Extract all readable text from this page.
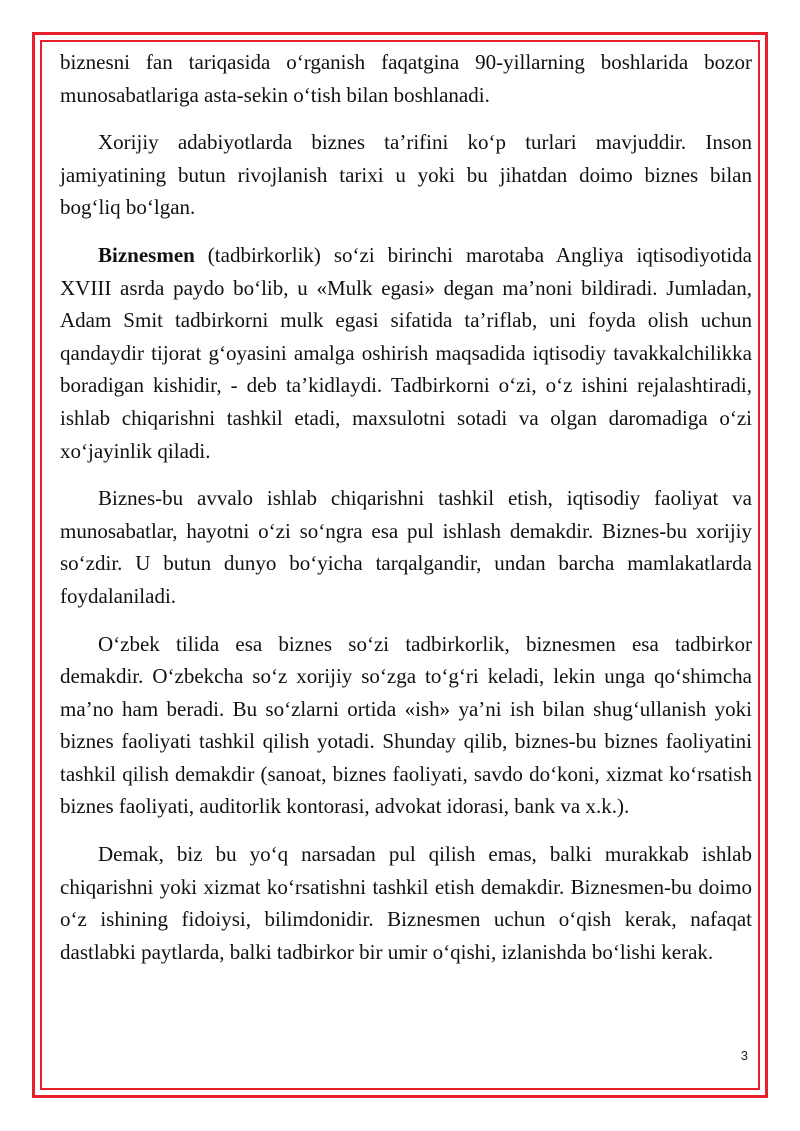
biznesni fan tariqasida o‘rganish faqatgina 90-yillarning boshlarida bozor munosabatlariga asta-sekin o‘tish bilan boshlanadi.

Xorijiy adabiyotlarda biznes ta’rifini ko‘p turlari mavjuddir. Inson jamiyatining butun rivojlanish tarixi u yoki bu jihatdan doimo biznes bilan bog‘liq bo‘lgan.

Biznesmen (tadbirkorlik) so‘zi birinchi marotaba Angliya iqtisodiyotida XVIII asrda paydo bo‘lib, u «Mulk egasi» degan ma’noni bildiradi. Jumladan, Adam Smit tadbirkorni mulk egasi sifatida ta’riflab, uni foyda olish uchun qandaydir tijorat g‘oyasini amalga oshirish maqsadida iqtisodiy tavakkalchilikka boradigan kishidir, - deb ta’kidlaydi. Tadbirkorni o‘zi, o‘z ishini rejalashtiradi, ishlab chiqarishni tashkil etadi, maxsulotni sotadi va olgan daromadiga o‘zi xo‘jayinlik qiladi.

Biznes-bu avvalo ishlab chiqarishni tashkil etish, iqtisodiy faoliyat va munosabatlar, hayotni o‘zi so‘ngra esa pul ishlash demakdir. Biznes-bu xorijiy so‘zdir. U butun dunyo bo‘yicha tarqalgandir, undan barcha mamlakatlarda foydalaniladi.

O‘zbek tilida esa biznes so‘zi tadbirkorlik, biznesmen esa tadbirkor demakdir. O‘zbekcha so‘z xorijiy so‘zga to‘g‘ri keladi, lekin unga qo‘shimcha ma’no ham beradi. Bu so‘zlarni ortida «ish» ya’ni ish bilan shug‘ullanish yoki biznes faoliyati tashkil qilish yotadi. Shunday qilib, biznes-bu biznes faoliyatini tashkil qilish demakdir (sanoat, biznes faoliyati, savdo do‘koni, xizmat ko‘rsatish biznes faoliyati, auditorlik kontorasi, advokat idorasi, bank va x.k.).

Demak, biz bu yo‘q narsadan pul qilish emas, balki murakkab ishlab chiqarishni yoki xizmat ko‘rsatishni tashkil etish demakdir. Biznesmen-bu doimo o‘z ishining fidoiysi, bilimdonidir. Biznesmen uchun o‘qish kerak, nafaqat dastlabki paytlarda, balki tadbirkor bir umir o‘qishi, izlanishda bo‘lishi kerak.

3
